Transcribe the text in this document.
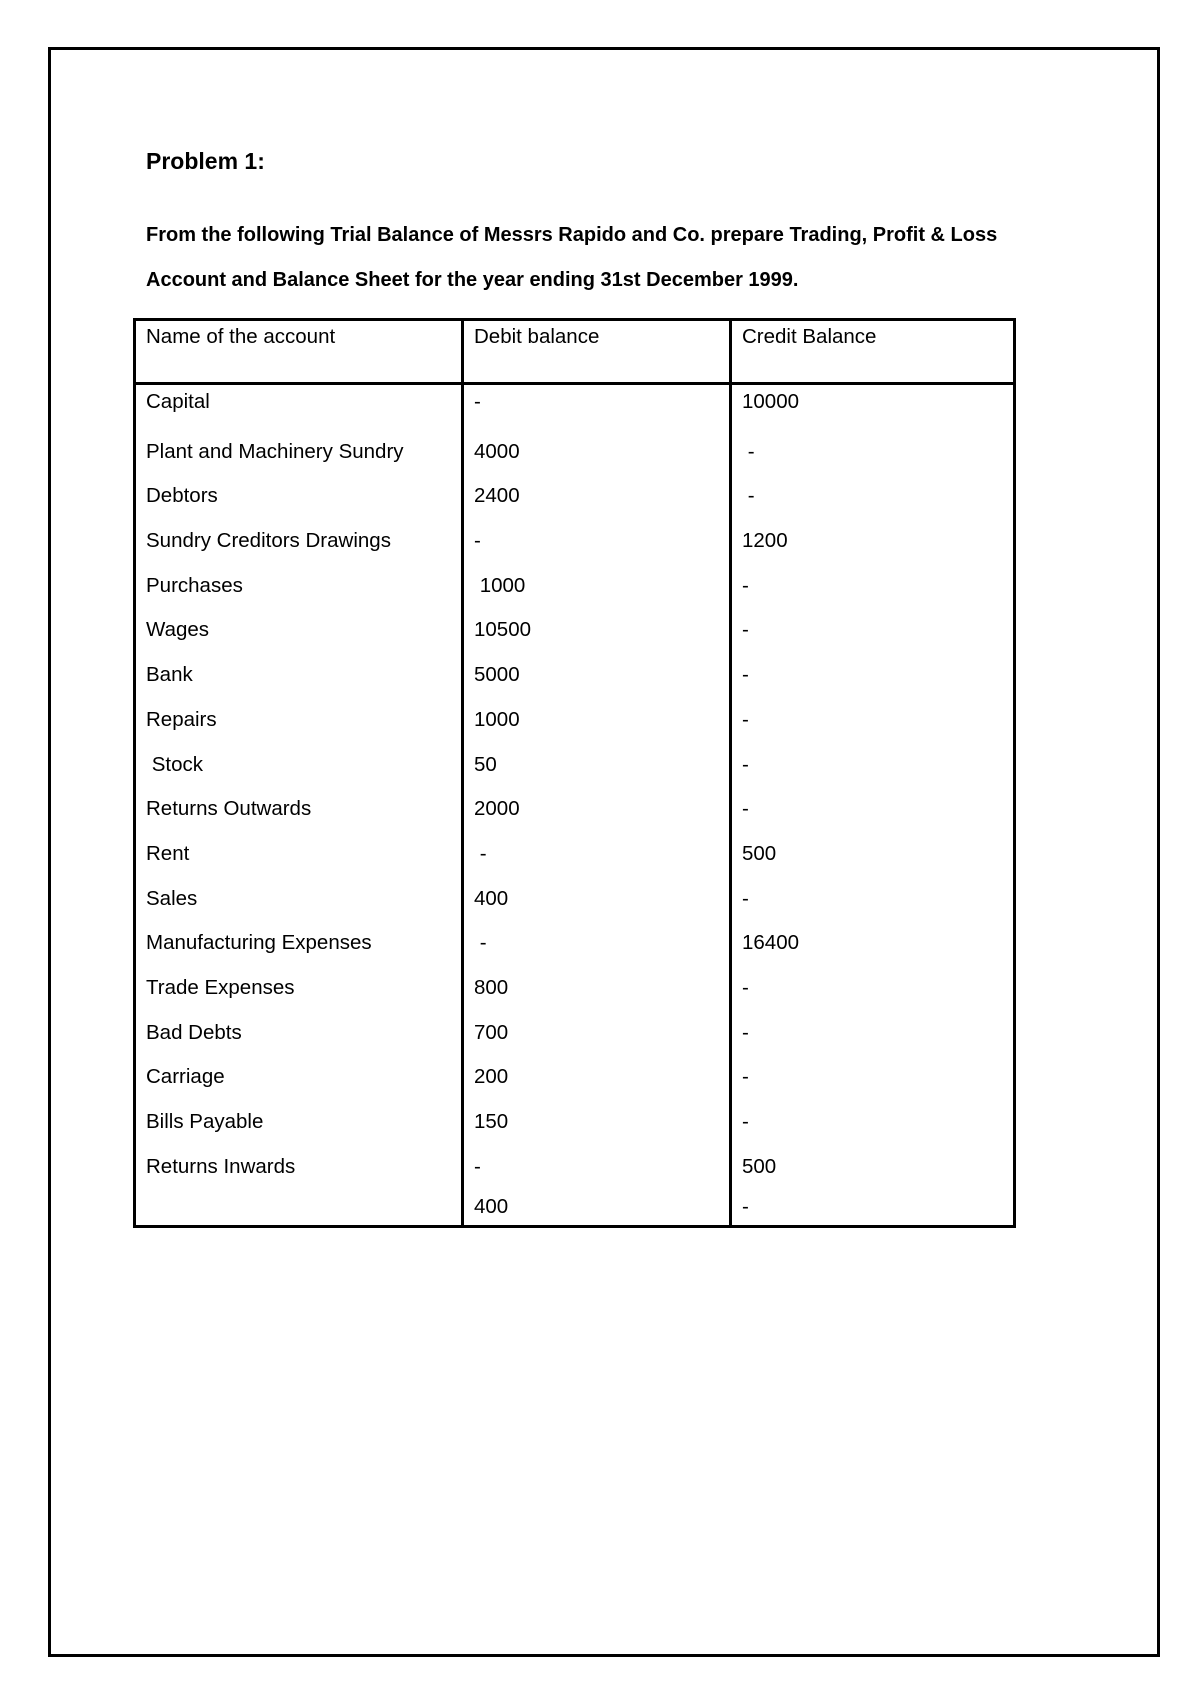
Problem 1:
From the following Trial Balance of Messrs Rapido and Co. prepare Trading, Profit & Loss
Account and Balance Sheet for the year ending 31st December 1999.
Name of the account	Debit balance	Credit Balance
Capital	-	10000
Plant and Machinery Sundry	4000	-
Debtors	2400	-
Sundry Creditors Drawings	-	1200
Purchases	1000	-
Wages	10500	-
Bank	5000	-
Repairs	1000	-
Stock	50	-
Returns Outwards	2000	-
Rent	-	500
Sales	400	-
Manufacturing Expenses	-	16400
Trade Expenses	800	-
Bad Debts	700	-
Carriage	200	-
Bills Payable	150	-
Returns Inwards	-	500
	400	-
